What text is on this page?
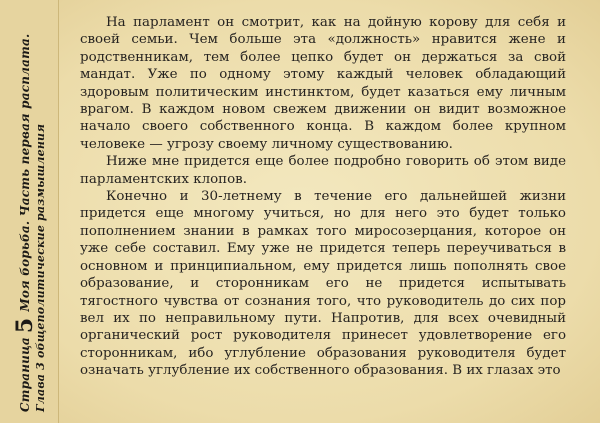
Страница5Моя борьба. Часть первая расплата. Глава 3 общеполитические размышления

На парламент он смотрит, как на дойную корову для себя и своей семьи. Чем больше эта «должность» нравится жене и родственникам, тем более цепко будет он держаться за свой мандат. Уже по одному этому каждый человек обладающий здоровым политическим инстинктом, будет казаться ему личным врагом. В каждом новом свежем движении он видит возможное начало своего собственного конца. В каждом более крупном человеке — угрозу своему личному существованию.

Ниже мне придется еще более подробно говорить об этом виде парламентских клопов.

Конечно и 30-летнему в течение его дальнейшей жизни придется еще многому учиться, но для него это будет только пополнением знании в рамках того миросозерцания, которое он уже себе составил. Ему уже не придется теперь переучиваться в основном и принципиальном, ему придется лишь пополнять свое образование, и сторонникам его не придется испытывать тягостного чувства от сознания того, что руководитель до сих пор вел их по неправильному пути. Напротив, для всех очевидный органический рост руководителя принесет удовлетворение его сторонникам, ибо углубление образования руководителя будет означать углубление их собственного образования. В их глазах это
